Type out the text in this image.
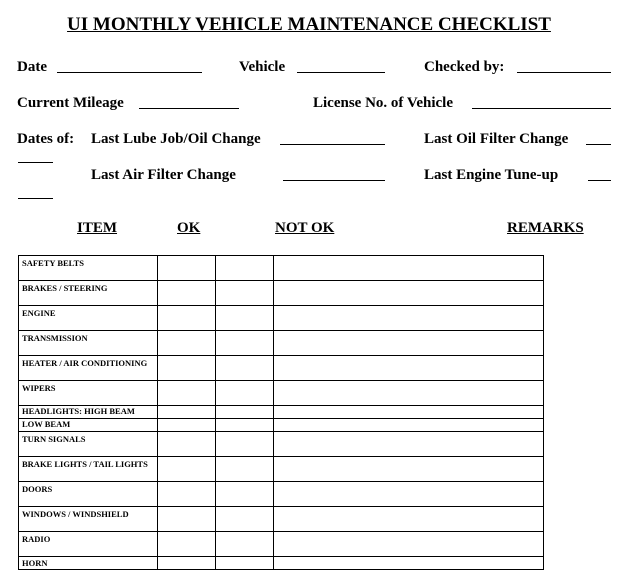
UI MONTHLY VEHICLE MAINTENANCE CHECKLIST
Date	Vehicle	Checked by:
Current Mileage	License No. of Vehicle
Dates of: Last Lube Job/Oil Change	Last Oil Filter Change
Last Air Filter Change	Last Engine Tune-up
ITEM	OK	NOT OK	REMARKS
SAFETY BELTS			
BRAKES / STEERING			
ENGINE			
TRANSMISSION			
HEATER / AIR CONDITIONING			
WIPERS			
HEADLIGHTS: HIGH BEAM			
LOW BEAM			
TURN SIGNALS			
BRAKE LIGHTS / TAIL LIGHTS			
DOORS			
WINDOWS / WINDSHIELD			
RADIO			
HORN			
